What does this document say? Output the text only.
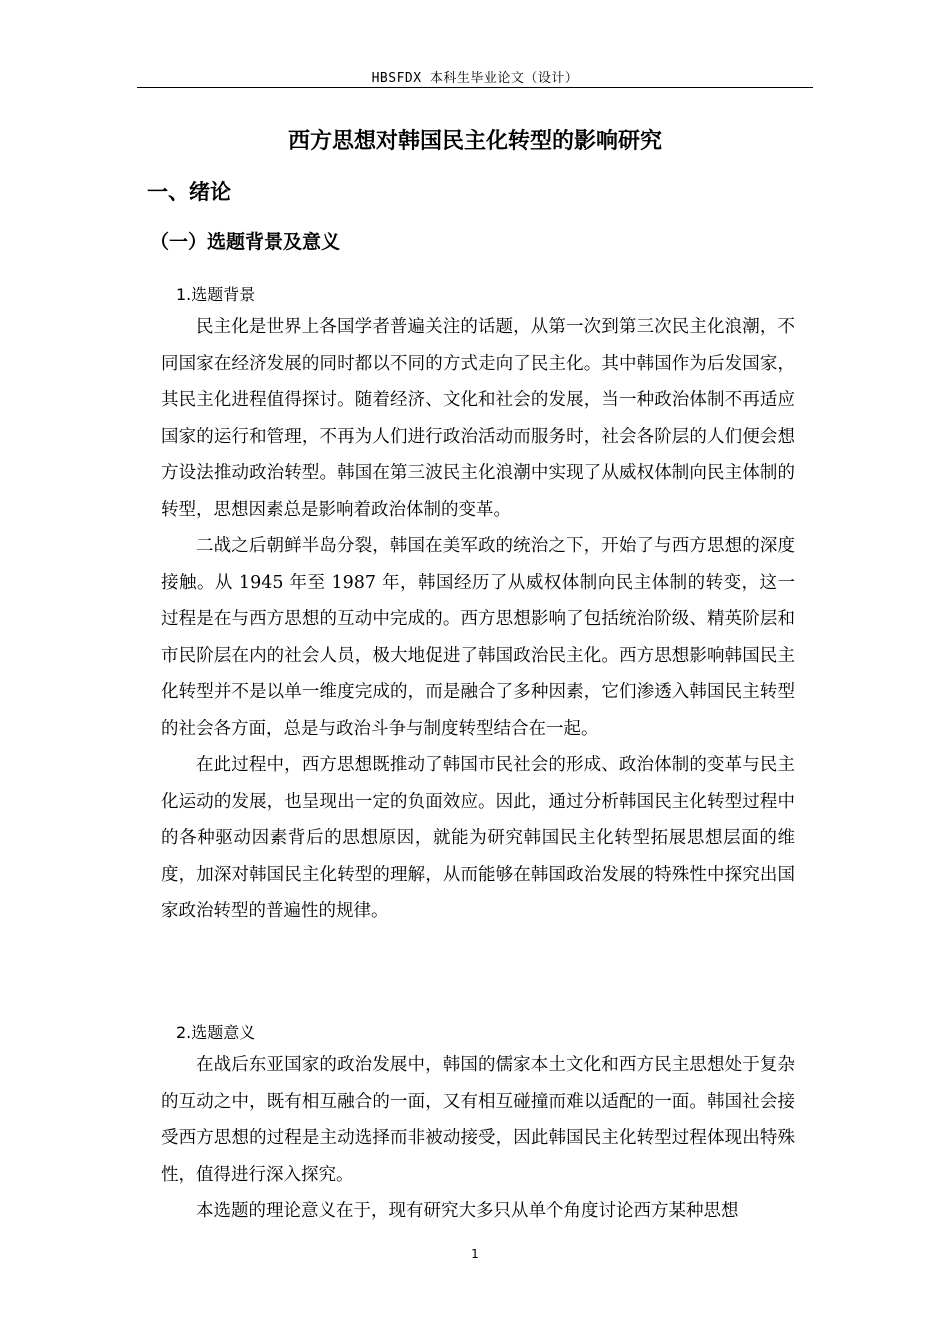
HBSFDX 本科生毕业论文（设计）
西方思想对韩国民主化转型的影响研究
一、绪论
（一）选题背景及意义
1.选题背景

民主化是世界上各国学者普遍关注的话题，从第一次到第三次民主化浪潮，不同国家在经济发展的同时都以不同的方式走向了民主化。其中韩国作为后发国家，其民主化进程值得探讨。随着经济、文化和社会的发展，当一种政治体制不再适应国家的运行和管理，不再为人们进行政治活动而服务时，社会各阶层的人们便会想方设法推动政治转型。韩国在第三波民主化浪潮中实现了从威权体制向民主体制的转型，思想因素总是影响着政治体制的变革。

二战之后朝鲜半岛分裂，韩国在美军政的统治之下，开始了与西方思想的深度接触。从 1945 年至 1987 年，韩国经历了从威权体制向民主体制的转变，这一过程是在与西方思想的互动中完成的。西方思想影响了包括统治阶级、精英阶层和市民阶层在内的社会人员，极大地促进了韩国政治民主化。西方思想影响韩国民主化转型并不是以单一维度完成的，而是融合了多种因素，它们渗透入韩国民主转型的社会各方面，总是与政治斗争与制度转型结合在一起。

在此过程中，西方思想既推动了韩国市民社会的形成、政治体制的变革与民主化运动的发展，也呈现出一定的负面效应。因此，通过分析韩国民主化转型过程中的各种驱动因素背后的思想原因，就能为研究韩国民主化转型拓展思想层面的维度，加深对韩国民主化转型的理解，从而能够在韩国政治发展的特殊性中探究出国家政治转型的普遍性的规律。

2.选题意义

在战后东亚国家的政治发展中，韩国的儒家本土文化和西方民主思想处于复杂的互动之中，既有相互融合的一面，又有相互碰撞而难以适配的一面。韩国社会接受西方思想的过程是主动选择而非被动接受，因此韩国民主化转型过程体现出特殊性，值得进行深入探究。

本选题的理论意义在于，现有研究大多只从单个角度讨论西方某种思想

1
